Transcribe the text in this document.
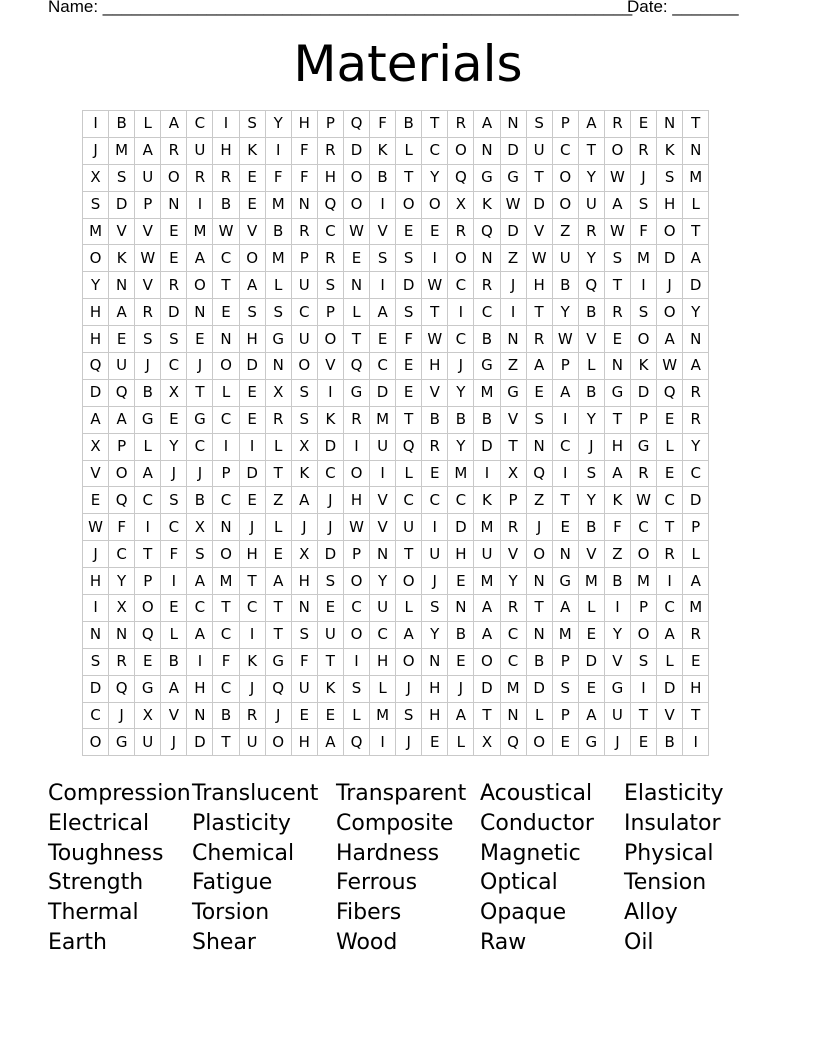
Name: ________________________________________________________
Date: _______
Materials
I	B	L	A	C	I	S	Y	H	P	Q	F	B	T	R	A	N	S	P	A	R	E	N	T
J	M	A	R	U	H	K	I	F	R	D	K	L	C	O	N	D	U	C	T	O	R	K	N
X	S	U	O	R	R	E	F	F	H	O	B	T	Y	Q	G	G	T	O	Y	W	J	S	M
S	D	P	N	I	B	E	M	N	Q	O	I	O	O	X	K	W	D	O	U	A	S	H	L
M	V	V	E	M	W	V	B	R	C	W	V	E	E	R	Q	D	V	Z	R	W	F	O	T
O	K	W	E	A	C	O	M	P	R	E	S	S	I	O	N	Z	W	U	Y	S	M	D	A
Y	N	V	R	O	T	A	L	U	S	N	I	D	W	C	R	J	H	B	Q	T	I	J	D
H	A	R	D	N	E	S	S	C	P	L	A	S	T	I	C	I	T	Y	B	R	S	O	Y
H	E	S	S	E	N	H	G	U	O	T	E	F	W	C	B	N	R	W	V	E	O	A	N
Q	U	J	C	J	O	D	N	O	V	Q	C	E	H	J	G	Z	A	P	L	N	K	W	A
D	Q	B	X	T	L	E	X	S	I	G	D	E	V	Y	M	G	E	A	B	G	D	Q	R
A	A	G	E	G	C	E	R	S	K	R	M	T	B	B	B	V	S	I	Y	T	P	E	R
X	P	L	Y	C	I	I	L	X	D	I	U	Q	R	Y	D	T	N	C	J	H	G	L	Y
V	O	A	J	J	P	D	T	K	C	O	I	L	E	M	I	X	Q	I	S	A	R	E	C
E	Q	C	S	B	C	E	Z	A	J	H	V	C	C	C	K	P	Z	T	Y	K	W	C	D
W	F	I	C	X	N	J	L	J	J	W	V	U	I	D	M	R	J	E	B	F	C	T	P
J	C	T	F	S	O	H	E	X	D	P	N	T	U	H	U	V	O	N	V	Z	O	R	L
H	Y	P	I	A	M	T	A	H	S	O	Y	O	J	E	M	Y	N	G	M	B	M	I	A
I	X	O	E	C	T	C	T	N	E	C	U	L	S	N	A	R	T	A	L	I	P	C	M
N	N	Q	L	A	C	I	T	S	U	O	C	A	Y	B	A	C	N	M	E	Y	O	A	R
S	R	E	B	I	F	K	G	F	T	I	H	O	N	E	O	C	B	P	D	V	S	L	E
D	Q	G	A	H	C	J	Q	U	K	S	L	J	H	J	D	M	D	S	E	G	I	D	H
C	J	X	V	N	B	R	J	E	E	L	M	S	H	A	T	N	L	P	A	U	T	V	T
O	G	U	J	D	T	U	O	H	A	Q	I	J	E	L	X	Q	O	E	G	J	E	B	I
Compression Translucent Transparent Acoustical	Elasticity
Electrical	Plasticity	Composite	Conductor	Insulator
Toughness	Chemical	Hardness	Magnetic	Physical
Strength	Fatigue	Ferrous	Optical	Tension
Thermal	Torsion	Fibers	Opaque	Alloy
Earth	Shear	Wood	Raw	Oil
